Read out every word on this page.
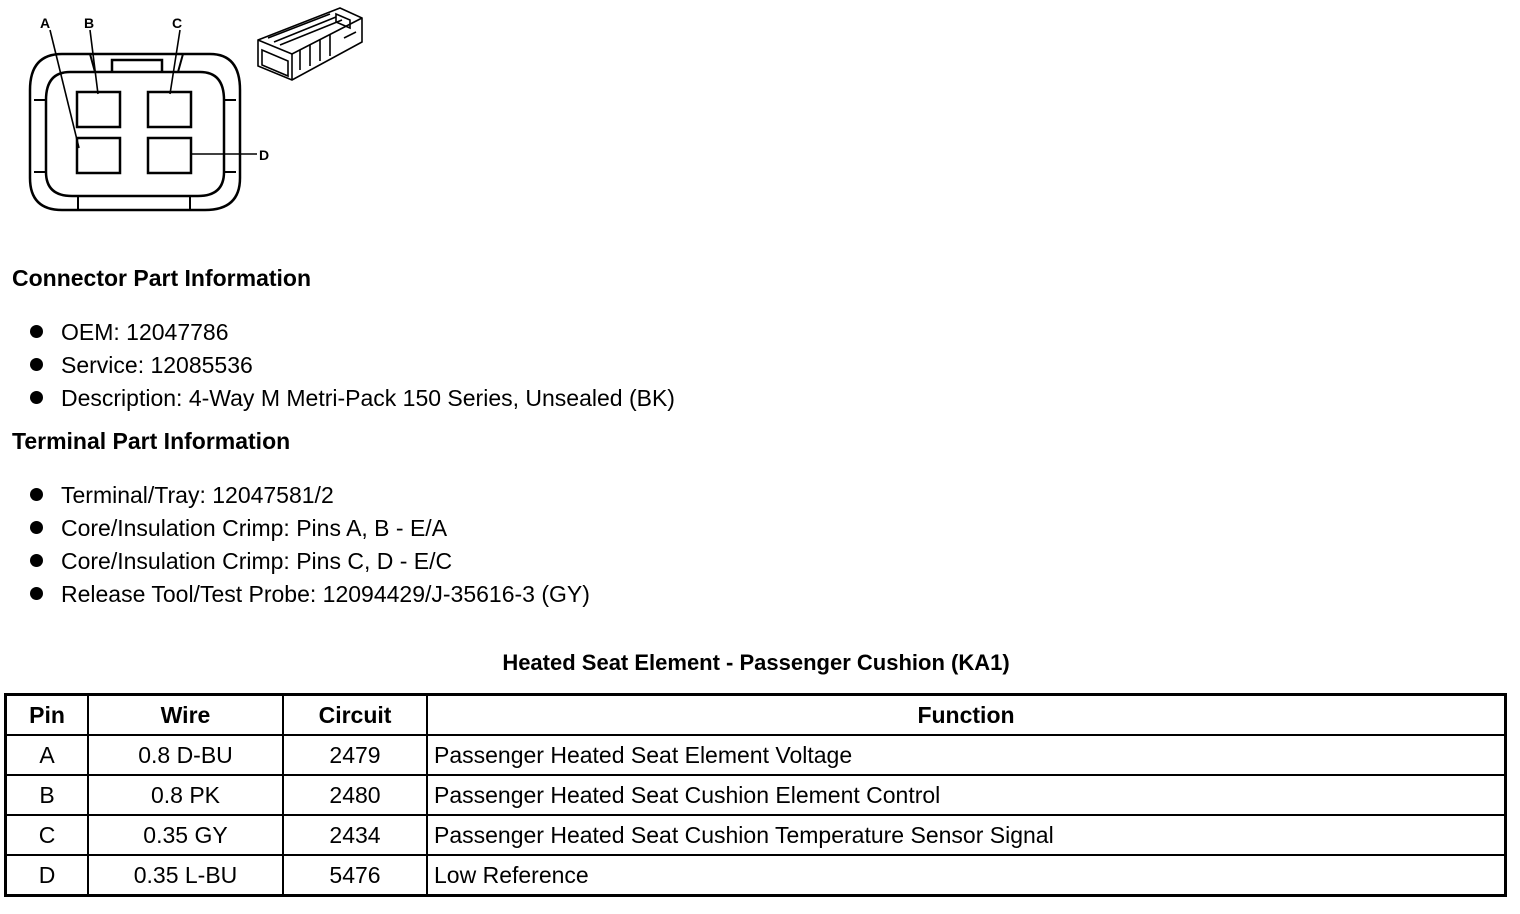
A B	C
D
Connector Part Information
OEM: 12047786
Service: 12085536
Description: 4-Way M Metri-Pack 150 Series, Unsealed (BK)
Terminal Part Information
Terminal/Tray: 12047581/2
Core/Insulation Crimp: Pins A, B - E/A
Core/Insulation Crimp: Pins C, D - E/C
Release Tool/Test Probe: 12094429/J-35616-3 (GY)
Heated Seat Element - Passenger Cushion (KA1)
Pin	Wire	Circuit	Function
A	0.8 D-BU	2479	Passenger Heated Seat Element Voltage
B	0.8 PK	2480	Passenger Heated Seat Cushion Element Control
C	0.35 GY	2434	Passenger Heated Seat Cushion Temperature Sensor Signal
D	0.35 L-BU	5476	Low Reference
